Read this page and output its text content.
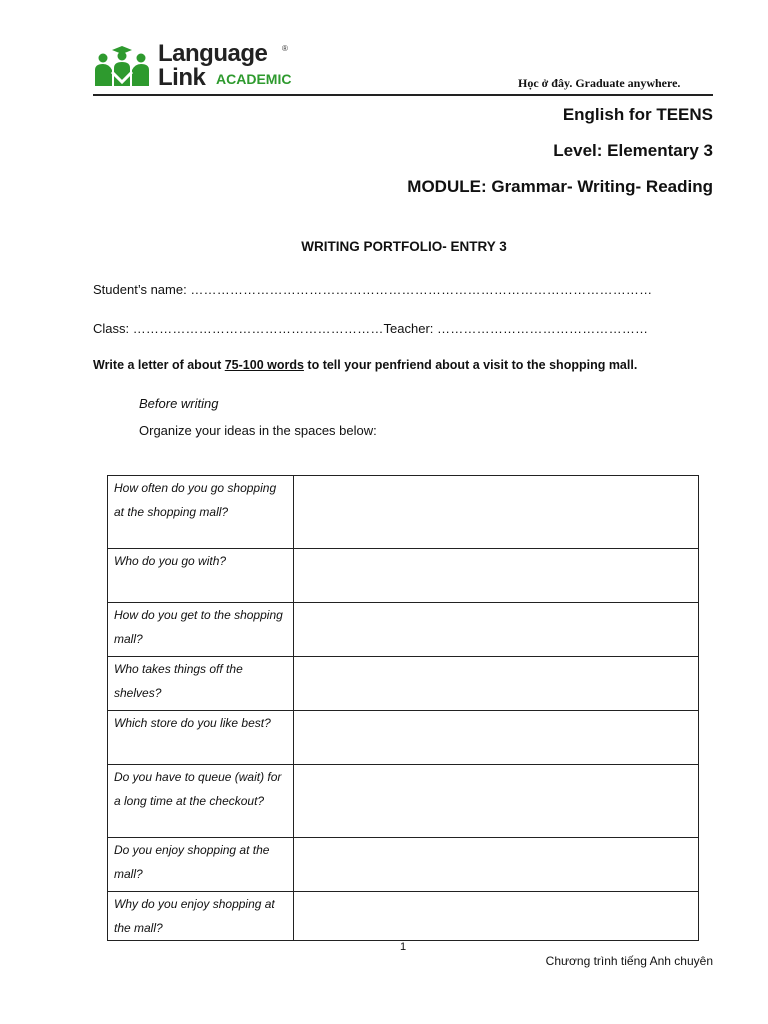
Language ®
Link ACADEMIC	Học ở đây. Graduate anywhere.
English for TEENS
Level: Elementary 3
MODULE: Grammar- Writing- Reading
WRITING PORTFOLIO- ENTRY 3
Student’s name: ……………………………………………………………………………………………
Class: …………………………………………………Teacher: …………………………………………
Write a letter of about 75-100 words to tell your penfriend about a visit to the shopping mall.
Before writing
Organize your ideas in the spaces below:
How often do you go shopping at the shopping mall?	
Who do you go with?	
How do you get to the shopping mall?	
Who takes things off the shelves?	
Which store do you like best?	
Do you have to queue (wait) for a long time at the checkout?	
Do you enjoy shopping at the mall?	
Why do you enjoy shopping at the mall?	
1
Chương trình tiếng Anh chuyên
